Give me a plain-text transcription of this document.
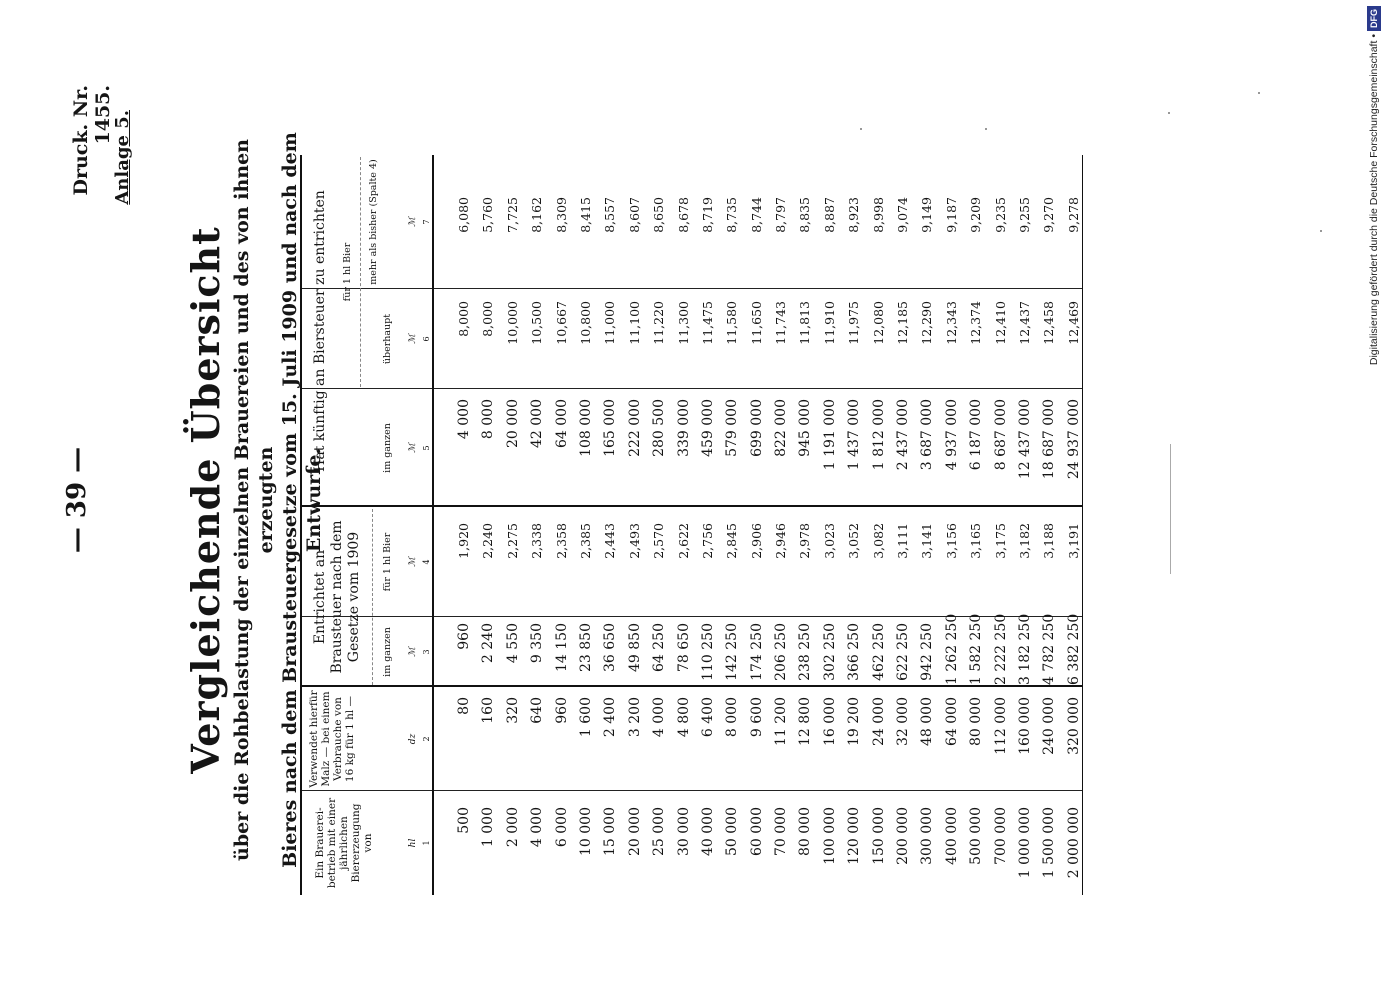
— 39 —
Druck. Nr. 1455.
Anlage 5.
Vergleichende Übersicht über die Rohbelastung der einzelnen Brauereien und des von ihnen erzeugten Bieres nach dem Brausteuergesetze vom 15. Juli 1909 und nach dem Entwurfe.
Ein Brauerei-betrieb mit einer jährlichen Biererzeugung von
Verwendet hierfür Malz — bei einem Verbrauche von 16 kg für 1 hl —
Entrichtet an Brausteuer nach dem Gesetze vom 1909 im ganzen
für 1 hl Bier
Hat künftig an Biersteuer zu entrichten für 1 hl Bier
im ganzen
überhaupt
mehr als bisher (Spalte 4)
hl
dz
ℳ
ℳ
ℳ
ℳ
ℳ
1
2
3
4
5
6
7
500 1 000 2 000 4 000 6 000 10 000 15 000 20 000 25 000 30 000 40 000 50 000 60 000 70 000 80 000 100 000 120 000 150 000 200 000 300 000 400 000 500 000 700 000 1 000 000 1 500 000 2 000 000
80 160 320 640 960 1 600 2 400 3 200 4 000 4 800 6 400 8 000 9 600 11 200 12 800 16 000 19 200 24 000 32 000 48 000 64 000 80 000 112 000 160 000 240 000 320 000
960 2 240 4 550 9 350 14 150 23 850 36 650 49 850 64 250 78 650 110 250 142 250 174 250 206 250 238 250 302 250 366 250 462 250 622 250 942 250 1 262 250 1 582 250 2 222 250 3 182 250 4 782 250 6 382 250
1,920 2,240 2,275 2,338 2,358 2,385 2,443 2,493 2,570 2,622 2,756 2,845 2,906 2,946 2,978 3,023 3,052 3,082 3,111 3,141 3,156 3,165 3,175 3,182 3,188 3,191
4 000 8 000 20 000 42 000 64 000 108 000 165 000 222 000 280 500 339 000 459 000 579 000 699 000 822 000 945 000 1 191 000 1 437 000 1 812 000 2 437 000 3 687 000 4 937 000 6 187 000 8 687 000 12 437 000 18 687 000 24 937 000
8,000 8,000 10,000 10,500 10,667 10,800 11,000 11,100 11,220 11,300 11,475 11,580 11,650 11,743 11,813 11,910 11,975 12,080 12,185 12,290 12,343 12,374 12,410 12,437 12,458 12,469
6,080 5,760 7,725 8,162 8,309 8,415 8,557 8,607 8,650 8,678 8,719 8,735 8,744 8,797 8,835 8,887 8,923 8,998 9,074 9,149 9,187 9,209 9,235 9,255 9,270 9,278	Digitalisierung gefördert durch die Deutsche Forschungsgemeinschaft •DFG
